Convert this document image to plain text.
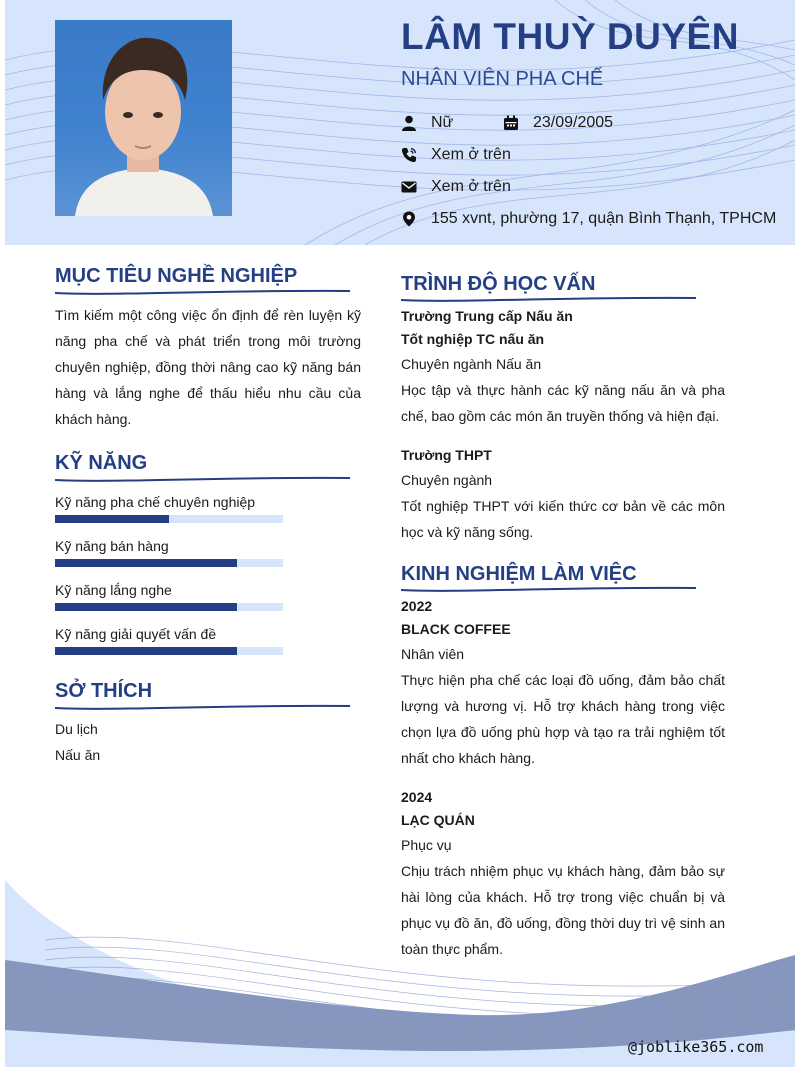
LÂM THUỲ DUYÊN
NHÂN VIÊN PHA CHẾ
Nữ	23/09/2005
Xem ở trên
Xem ở trên
155 xvnt, phường 17, quận Bình Thạnh, TPHCM
MỤC TIÊU NGHỀ NGHIỆP
Tìm kiếm một công việc ổn định để rèn luyện kỹ năng pha chế và phát triển trong môi trường chuyên nghiệp, đồng thời nâng cao kỹ năng bán hàng và lắng nghe để thấu hiểu nhu cầu của khách hàng.
KỸ NĂNG
Kỹ năng pha chế chuyên nghiệp
Kỹ năng bán hàng
Kỹ năng lắng nghe
Kỹ năng giải quyết vấn đề
SỞ THÍCH
Du lịch
Nấu ăn
TRÌNH ĐỘ HỌC VẤN
Trường Trung cấp Nấu ăn
Tốt nghiệp TC nấu ăn
Chuyên ngành Nấu ăn
Học tập và thực hành các kỹ năng nấu ăn và pha chế, bao gồm các món ăn truyền thống và hiện đại.
Trường THPT
Chuyên ngành
Tốt nghiệp THPT với kiến thức cơ bản về các môn học và kỹ năng sống.
KINH NGHIỆM LÀM VIỆC
2022
BLACK COFFEE
Nhân viên
Thực hiện pha chế các loại đồ uống, đảm bảo chất lượng và hương vị. Hỗ trợ khách hàng trong việc chọn lựa đồ uống phù hợp và tạo ra trải nghiệm tốt nhất cho khách hàng.
2024
LẠC QUÁN
Phục vụ
Chịu trách nhiệm phục vụ khách hàng, đảm bảo sự hài lòng của khách. Hỗ trợ trong việc chuẩn bị và phục vụ đồ ăn, đồ uống, đồng thời duy trì vệ sinh an toàn thực phẩm.
@joblike365.com
